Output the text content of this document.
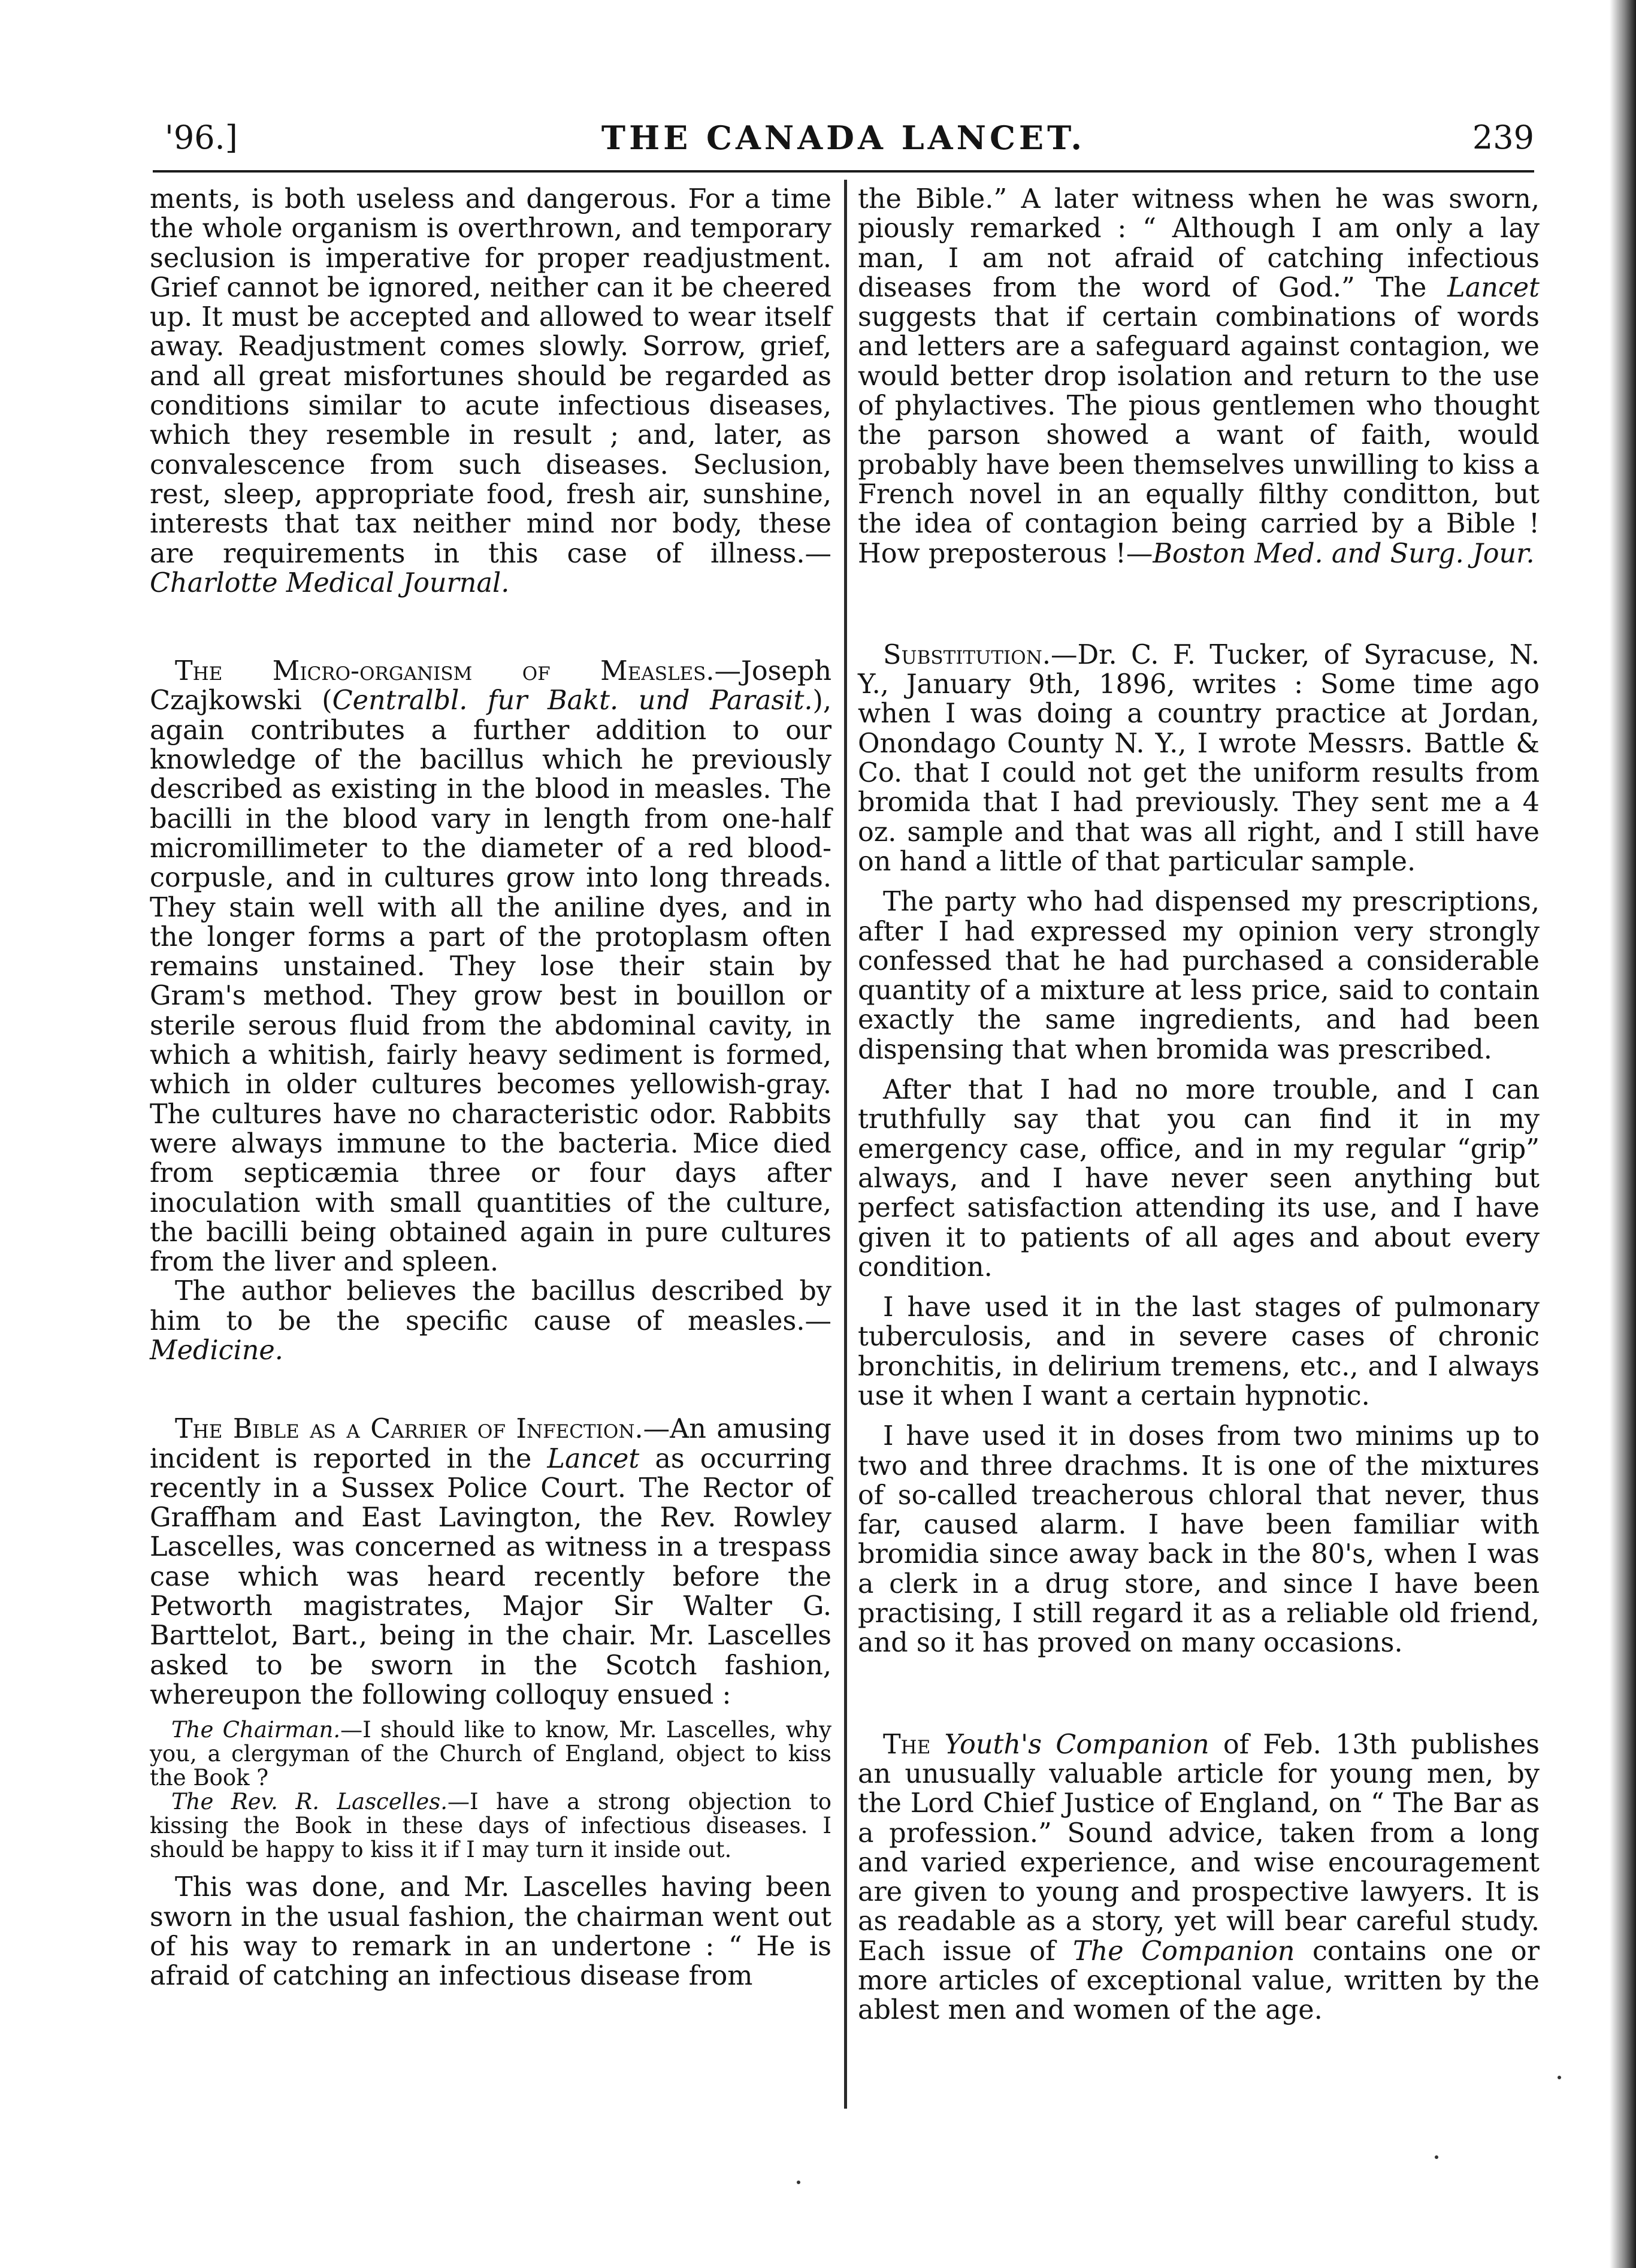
'96.]	THE CANADA LANCET.	239

ments, is both useless and dangerous. For a time the whole organism is overthrown, and temporary seclusion is imperative for proper readjustment. Grief cannot be ignored, neither can it be cheered up. It must be accepted and allowed to wear itself away. Readjustment comes slowly. Sorrow, grief, and all great misfortunes should be regarded as conditions similar to acute infectious diseases, which they resemble in result ; and, later, as convalescence from such diseases. Seclusion, rest, sleep, appropriate food, fresh air, sunshine, interests that tax neither mind nor body, these are requirements in this case of illness.—Charlotte Medical Journal.

The Micro-organism of Measles.—Joseph Czajkowski (Centralbl. fur Bakt. und Parasit.), again contributes a further addition to our knowledge of the bacillus which he previously described as existing in the blood in measles. The bacilli in the blood vary in length from one-half micromillimeter to the diameter of a red blood-corpusle, and in cultures grow into long threads. They stain well with all the aniline dyes, and in the longer forms a part of the protoplasm often remains unstained. They lose their stain by Gram's method. They grow best in bouillon or sterile serous fluid from the abdominal cavity, in which a whitish, fairly heavy sediment is formed, which in older cultures becomes yellowish-gray. The cultures have no characteristic odor. Rabbits were always immune to the bacteria. Mice died from septicæmia three or four days after inoculation with small quantities of the culture, the bacilli being obtained again in pure cultures from the liver and spleen.

The author believes the bacillus described by him to be the specific cause of measles.—Medicine.

The Bible as a Carrier of Infection.—An amusing incident is reported in the Lancet as occurring recently in a Sussex Police Court. The Rector of Graffham and East Lavington, the Rev. Rowley Lascelles, was concerned as witness in a trespass case which was heard recently before the Petworth magistrates, Major Sir Walter G. Barttelot, Bart., being in the chair. Mr. Lascelles asked to be sworn in the Scotch fashion, whereupon the following colloquy ensued :

The Chairman.—I should like to know, Mr. Lascelles, why you, a clergyman of the Church of England, object to kiss the Book ?

The Rev. R. Lascelles.—I have a strong objection to kissing the Book in these days of infectious diseases. I should be happy to kiss it if I may turn it inside out.

This was done, and Mr. Lascelles having been sworn in the usual fashion, the chairman went out of his way to remark in an undertone : “ He is afraid of catching an infectious disease from

the Bible.” A later witness when he was sworn, piously remarked : “ Although I am only a lay man, I am not afraid of catching infectious diseases from the word of God.” The Lancet suggests that if certain combinations of words and letters are a safeguard against contagion, we would better drop isolation and return to the use of phylactives. The pious gentlemen who thought the parson showed a want of faith, would probably have been themselves unwilling to kiss a French novel in an equally filthy conditton, but the idea of contagion being carried by a Bible ! How preposterous !—Boston Med. and Surg. Jour.

Substitution.—Dr. C. F. Tucker, of Syracuse, N. Y., January 9th, 1896, writes : Some time ago when I was doing a country practice at Jordan, Onondago County N. Y., I wrote Messrs. Battle & Co. that I could not get the uniform results from bromida that I had previously. They sent me a 4 oz. sample and that was all right, and I still have on hand a little of that particular sample.

The party who had dispensed my prescriptions, after I had expressed my opinion very strongly confessed that he had purchased a considerable quantity of a mixture at less price, said to contain exactly the same ingredients, and had been dispensing that when bromida was prescribed.

After that I had no more trouble, and I can truthfully say that you can find it in my emergency case, office, and in my regular “grip” always, and I have never seen anything but perfect satisfaction attending its use, and I have given it to patients of all ages and about every condition.

I have used it in the last stages of pulmonary tuberculosis, and in severe cases of chronic bronchitis, in delirium tremens, etc., and I always use it when I want a certain hypnotic.

I have used it in doses from two minims up to two and three drachms. It is one of the mixtures of so-called treacherous chloral that never, thus far, caused alarm. I have been familiar with bromidia since away back in the 80's, when I was a clerk in a drug store, and since I have been practising, I still regard it as a reliable old friend, and so it has proved on many occasions.

The Youth's Companion of Feb. 13th publishes an unusually valuable article for young men, by the Lord Chief Justice of England, on “ The Bar as a profession.” Sound advice, taken from a long and varied experience, and wise encouragement are given to young and prospective lawyers. It is as readable as a story, yet will bear careful study. Each issue of The Companion contains one or more articles of exceptional value, written by the ablest men and women of the age.
